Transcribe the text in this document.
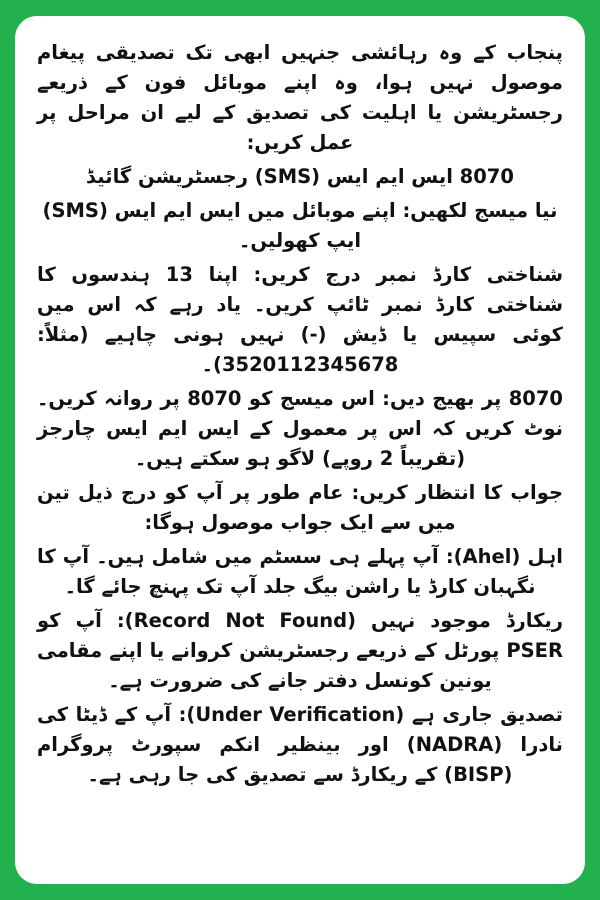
پنجاب کے وہ رہائشی جنہیں ابھی تک تصدیقی پیغام موصول نہیں ہوا، وہ اپنے موبائل فون کے ذریعے رجسٹریشن یا اہلیت کی تصدیق کے لیے ان مراحل پر عمل کریں:

8070 ایس ایم ایس (SMS) رجسٹریشن گائیڈ

نیا میسج لکھیں: اپنے موبائل میں ایس ایم ایس (SMS) ایپ کھولیں۔

شناختی کارڈ نمبر درج کریں: اپنا 13 ہندسوں کا شناختی کارڈ نمبر ٹائپ کریں۔ یاد رہے کہ اس میں کوئی سپیس یا ڈیش (-) نہیں ہونی چاہیے (مثلاً: 3520112345678)۔

8070 پر بھیج دیں: اس میسج کو 8070 پر روانہ کریں۔ نوٹ کریں کہ اس پر معمول کے ایس ایم ایس چارجز (تقریباً 2 روپے) لاگو ہو سکتے ہیں۔

جواب کا انتظار کریں: عام طور پر آپ کو درج ذیل تین میں سے ایک جواب موصول ہوگا:

اہل (Ahel): آپ پہلے ہی سسٹم میں شامل ہیں۔ آپ کا نگہبان کارڈ یا راشن بیگ جلد آپ تک پہنچ جائے گا۔

ریکارڈ موجود نہیں (Record Not Found): آپ کو PSER پورٹل کے ذریعے رجسٹریشن کروانے یا اپنے مقامی یونین کونسل دفتر جانے کی ضرورت ہے۔

تصدیق جاری ہے (Under Verification): آپ کے ڈیٹا کی نادرا (NADRA) اور بینظیر انکم سپورٹ پروگرام (BISP) کے ریکارڈ سے تصدیق کی جا رہی ہے۔
